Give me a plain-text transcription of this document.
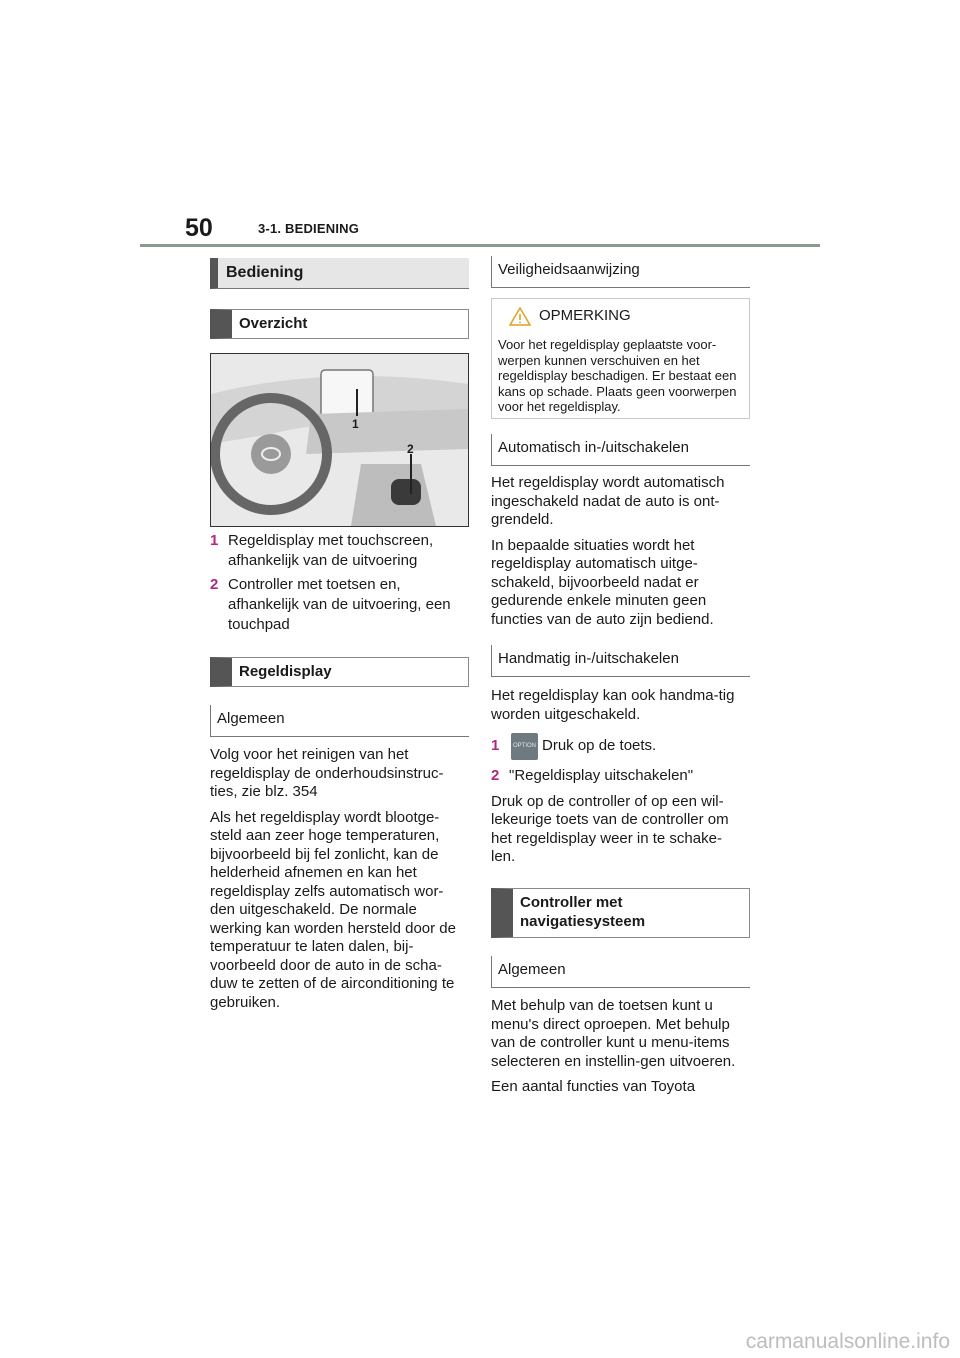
50	3-1. BEDIENING
Bediening
Overzicht
1
2
1 Regeldisplay met touchscreen, afhankelijk van de uitvoering
2 Controller met toetsen en, afhankelijk van de uitvoering, een touchpad
Regeldisplay
Algemeen

Volg voor het reinigen van het regeldisplay de onderhoudsinstruc-ties, zie blz. 354

Als het regeldisplay wordt blootge-steld aan zeer hoge temperaturen, bijvoorbeeld bij fel zonlicht, kan de helderheid afnemen en kan het regeldisplay zelfs automatisch wor-den uitgeschakeld. De normale werking kan worden hersteld door de temperatuur te laten dalen, bij-voorbeeld door de auto in de scha-duw te zetten of de airconditioning te gebruiken.

Veiligheidsaanwijzing
OPMERKING
Voor het regeldisplay geplaatste voor-werpen kunnen verschuiven en het regeldisplay beschadigen. Er bestaat een kans op schade. Plaats geen voorwerpen voor het regeldisplay.
Automatisch in-/uitschakelen

Het regeldisplay wordt automatisch ingeschakeld nadat de auto is ont-grendeld.

In bepaalde situaties wordt het regeldisplay automatisch uitge-schakeld, bijvoorbeeld nadat er gedurende enkele minuten geen functies van de auto zijn bediend.

Handmatig in-/uitschakelen

Het regeldisplay kan ook handma-tig worden uitgeschakeld.

1	OPTION Druk op de toets.
2 "Regeldisplay uitschakelen"

Druk op de controller of op een wil-lekeurige toets van de controller om het regeldisplay weer in te schake-len.

Controller met navigatiesysteem
Algemeen

Met behulp van de toetsen kunt u menu's direct oproepen. Met behulp van de controller kunt u menu-items selecteren en instellin-gen uitvoeren.

Een aantal functies van Toyota

carmanualsonline.info
